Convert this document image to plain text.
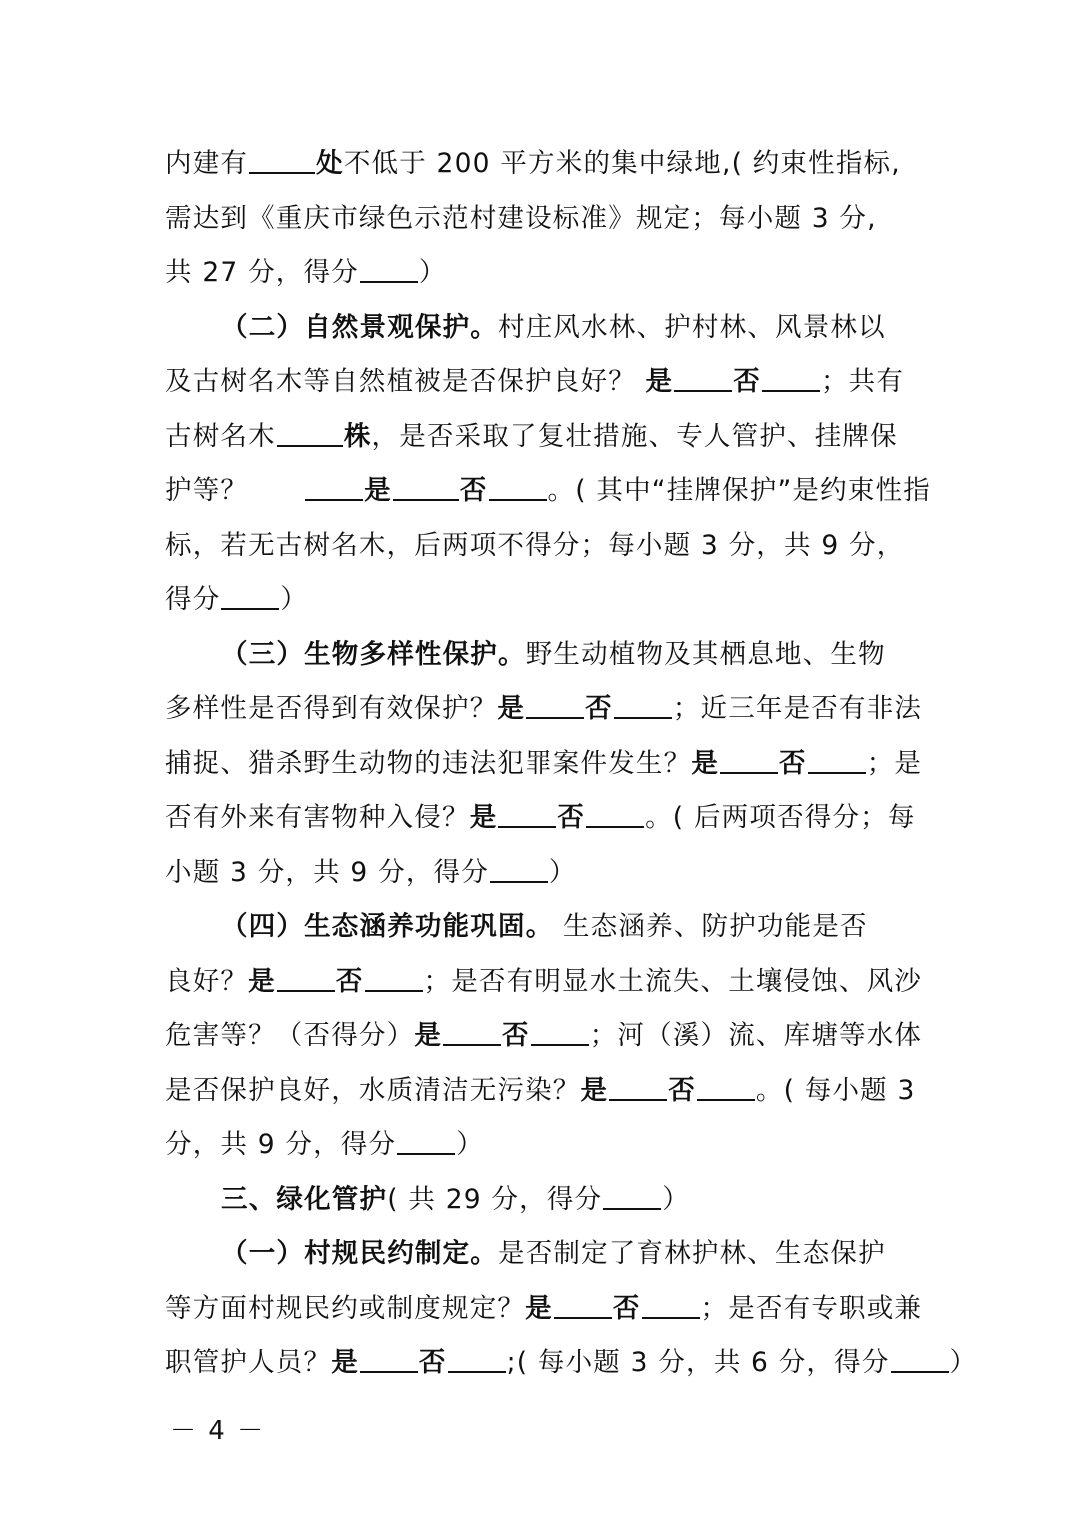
内建有	处不低于 200 平方米的集中绿地,( 约束性指标,
需达到《重庆市绿色示范村建设标准》规定；每小题 3 分,
共 27 分，得分 ）
（二）自然景观保护。村庄风水林、护村林、风景林以
及古树名木等自然植被是否保护良好？ 是 否 ；共有
古树名木	株，是否采取了复壮措施、专人管护、挂牌保
护等？	是	否 。( 其中“挂牌保护”是约束性指
标，若无古树名木，后两项不得分；每小题 3 分，共 9 分，
得分 ）
（三）生物多样性保护。野生动植物及其栖息地、生物
多样性是否得到有效保护？是 否 ；近三年是否有非法
捕捉、猎杀野生动物的违法犯罪案件发生？是 否 ；是
否有外来有害物种入侵？是 否 。( 后两项否得分；每
小题 3 分，共 9 分，得分 ）
（四）生态涵养功能巩固。 生态涵养、防护功能是否
良好？是 否 ；是否有明显水土流失、土壤侵蚀、风沙
危害等？（否得分）是 否 ；河（溪）流、库塘等水体
是否保护良好，水质清洁无污染？是 否 。( 每小题 3
分，共 9 分，得分 ）
三、绿化管护( 共 29 分，得分 ）
（一）村规民约制定。是否制定了育林护林、生态保护
等方面村规民约或制度规定？是 否 ；是否有专职或兼
职管护人员？是 否 ;( 每小题 3 分，共 6 分，得分 ）
－ 4 －
